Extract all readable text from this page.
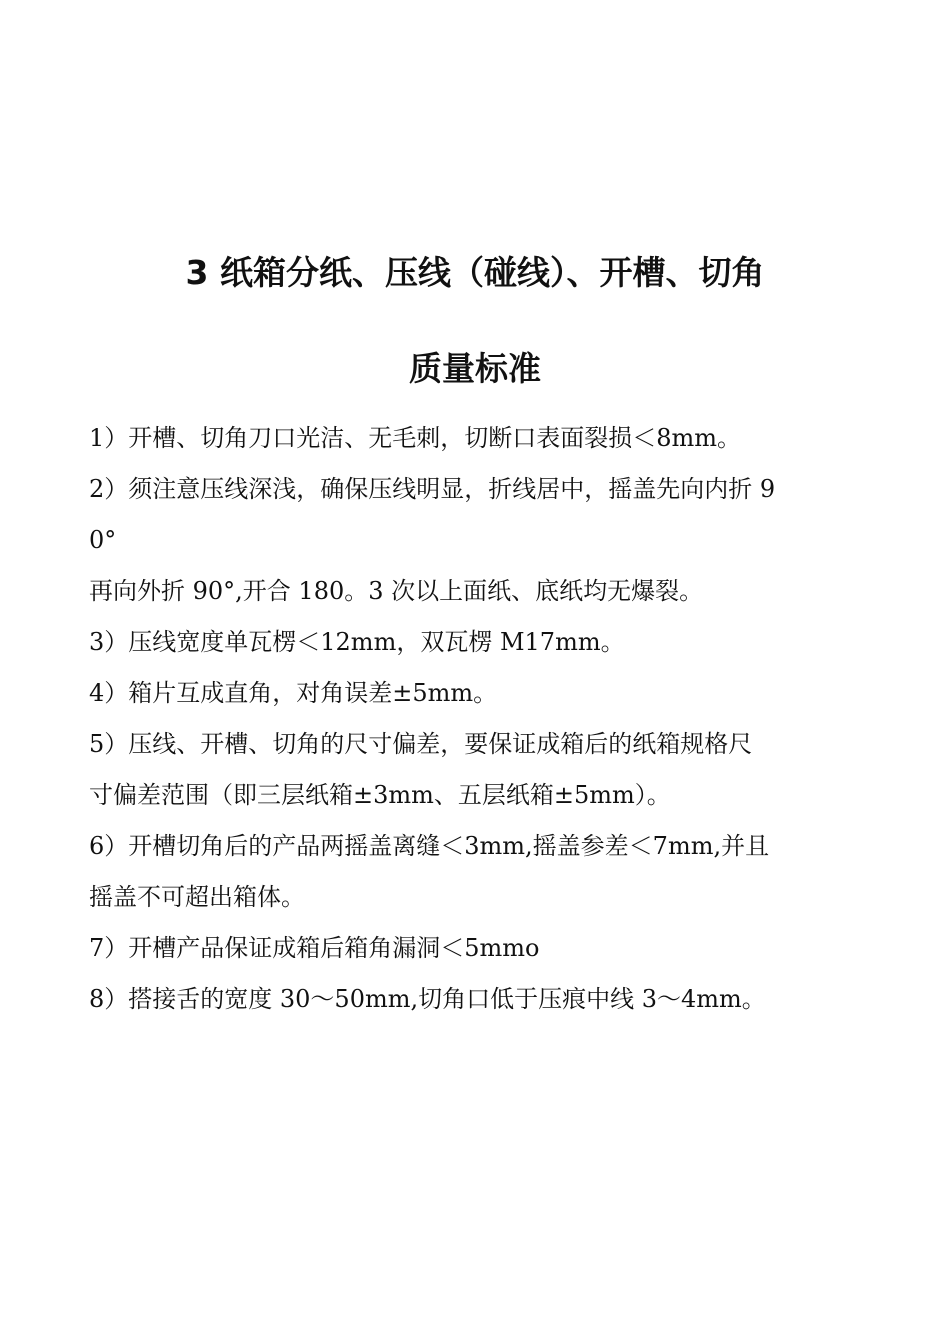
3 纸箱分纸、压线（碰线）、开槽、切角
质量标准
1）开槽、切角刀口光洁、无毛刺，切断口表面裂损＜8mm。
2）须注意压线深浅，确保压线明显，折线居中，摇盖先向内折 9
0°
再向外折 90°,开合 180。3 次以上面纸、底纸均无爆裂。
3）压线宽度单瓦楞＜12mm，双瓦楞 M17mm。
4）箱片互成直角，对角误差±5mm。
5）压线、开槽、切角的尺寸偏差，要保证成箱后的纸箱规格尺
寸偏差范围（即三层纸箱±3mm、五层纸箱±5mm）。
6）开槽切角后的产品两摇盖离缝＜3mm,摇盖参差＜7mm,并且
摇盖不可超出箱体。
7）开槽产品保证成箱后箱角漏洞＜5mmo
8）搭接舌的宽度 30〜50mm,切角口低于压痕中线 3〜4mm。
